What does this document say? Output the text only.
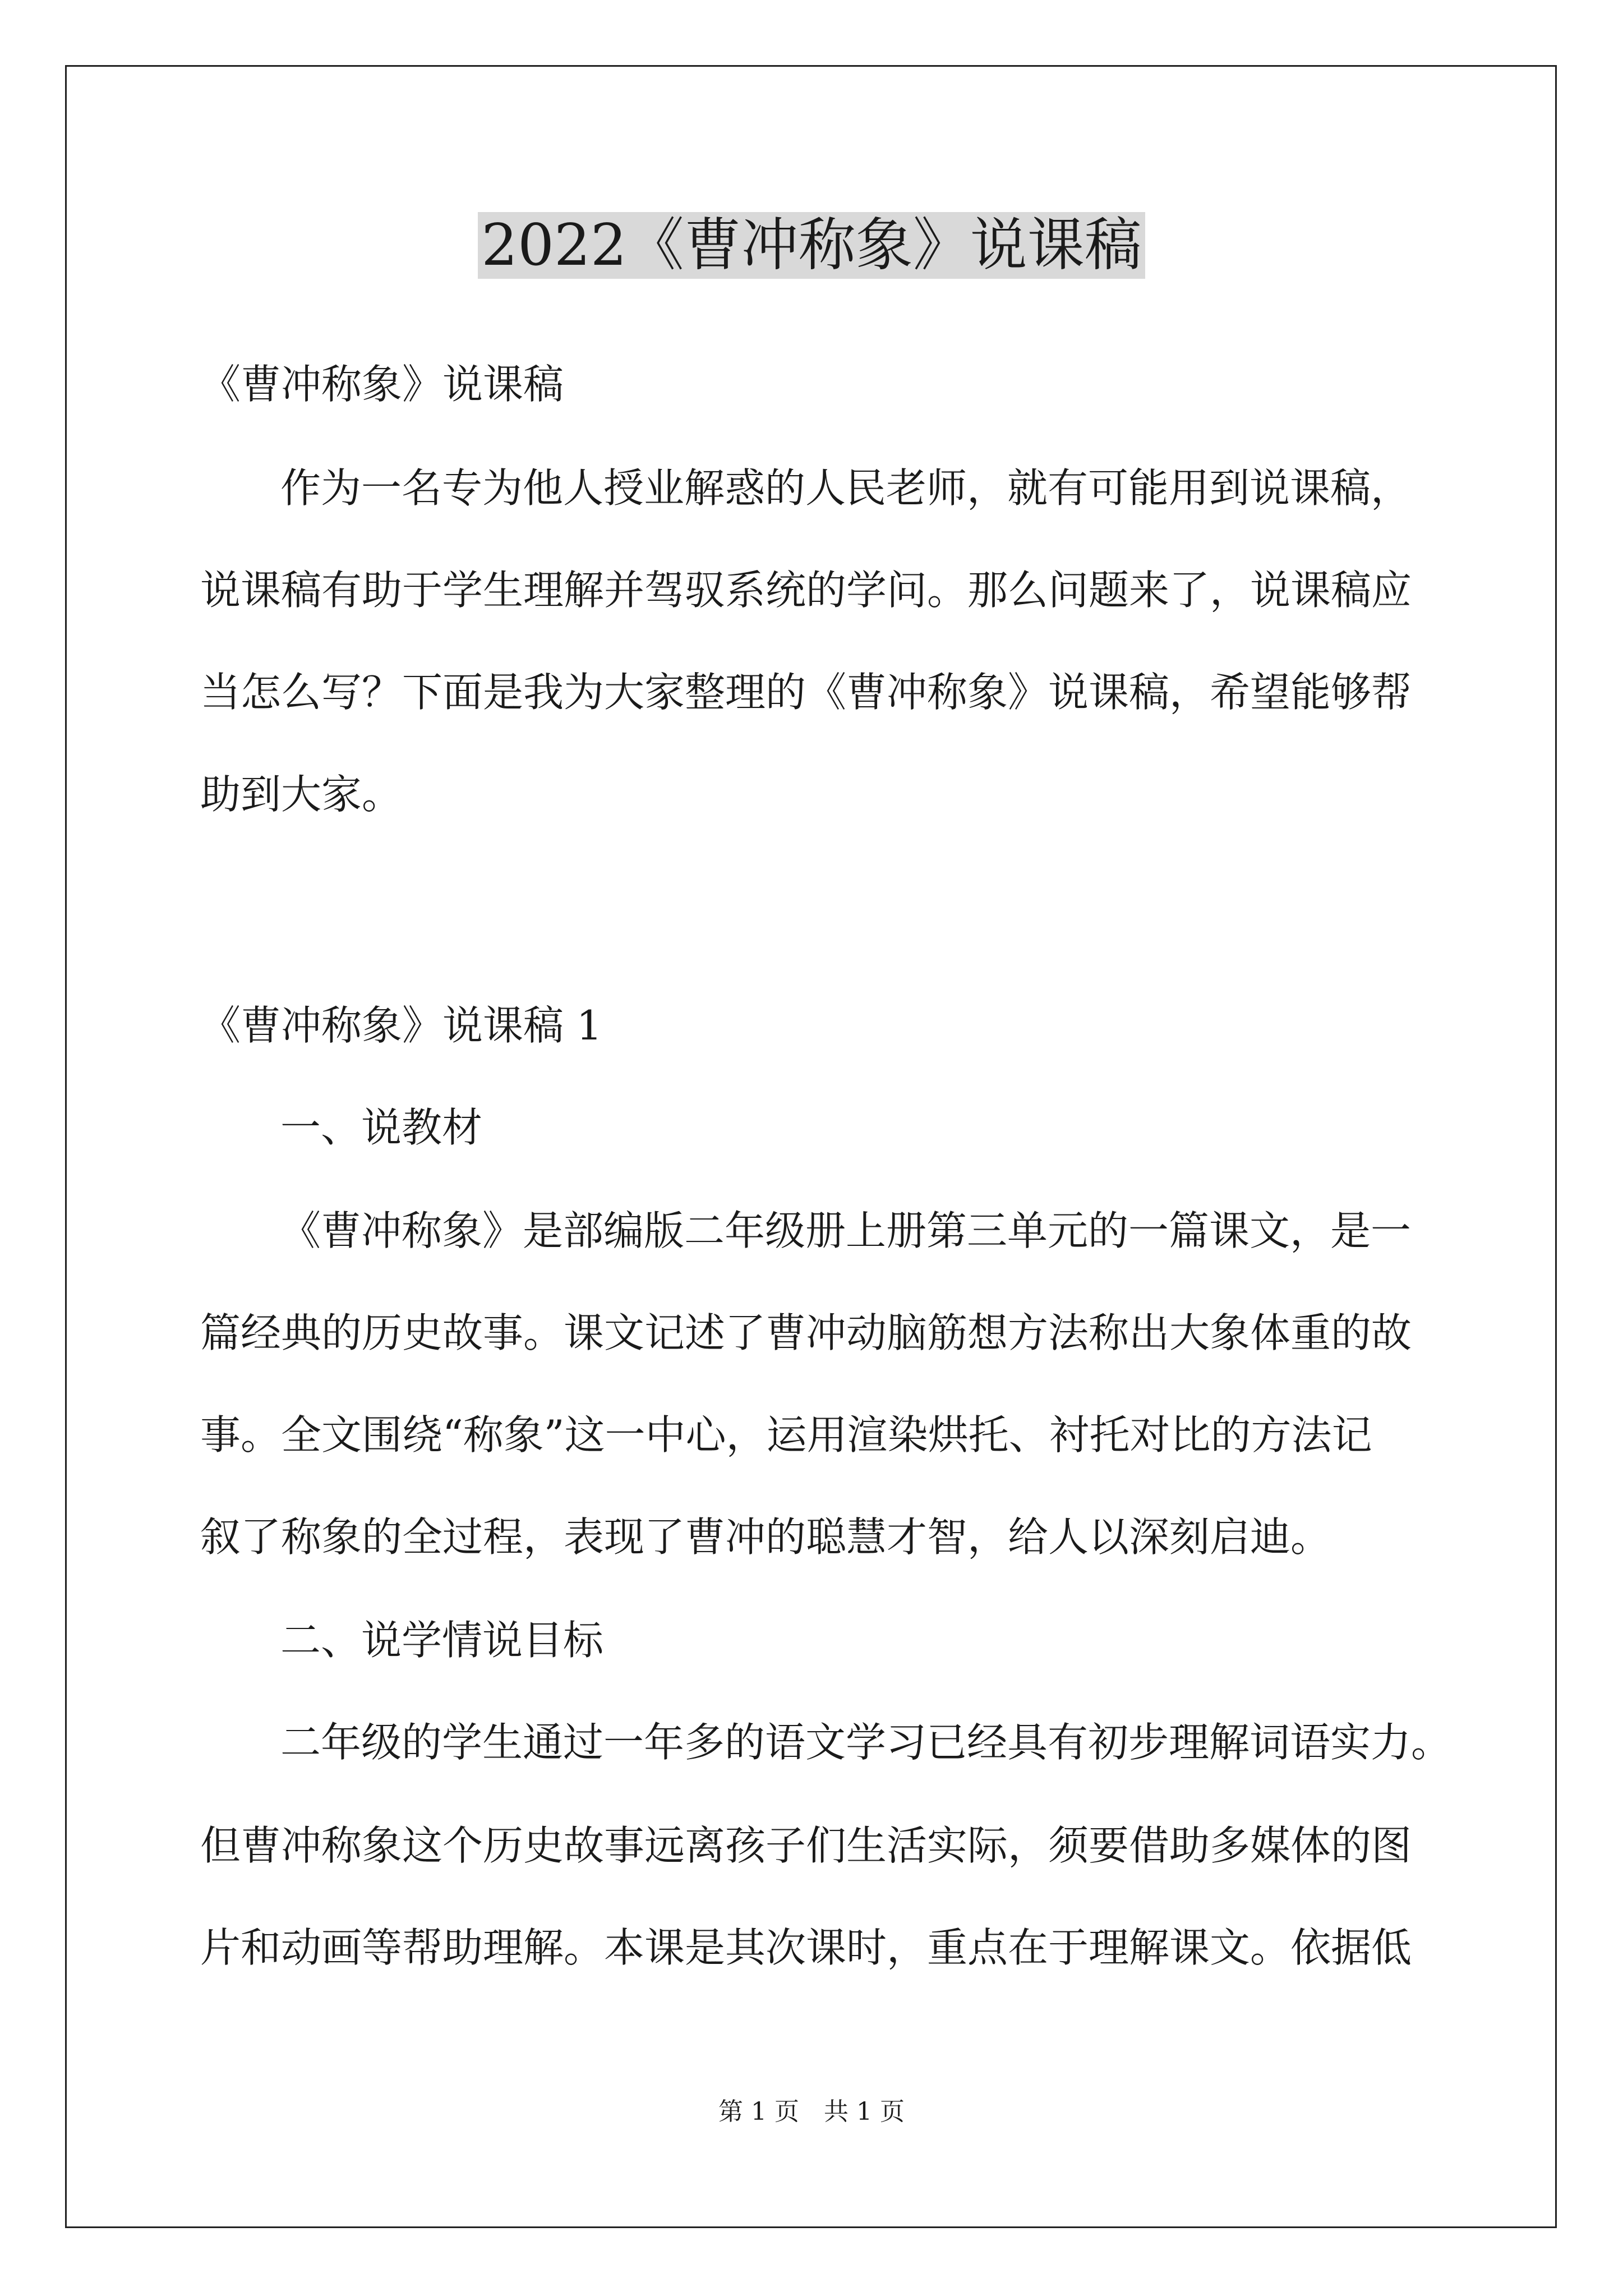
2022《曹冲称象》说课稿

《曹冲称象》说课稿

作为一名专为他人授业解惑的人民老师，就有可能用到说课稿，

说课稿有助于学生理解并驾驭系统的学问。那么问题来了，说课稿应

当怎么写？下面是我为大家整理的《曹冲称象》说课稿，希望能够帮

助到大家。

《曹冲称象》说课稿 1

一、说教材

《曹冲称象》是部编版二年级册上册第三单元的一篇课文，是一

篇经典的历史故事。课文记述了曹冲动脑筋想方法称出大象体重的故

事。全文围绕“称象”这一中心，运用渲染烘托、衬托对比的方法记

叙了称象的全过程，表现了曹冲的聪慧才智，给人以深刻启迪。

二、说学情说目标

二年级的学生通过一年多的语文学习已经具有初步理解词语实力。

但曹冲称象这个历史故事远离孩子们生活实际，须要借助多媒体的图

片和动画等帮助理解。本课是其次课时，重点在于理解课文。依据低

第 1 页　共 1 页
